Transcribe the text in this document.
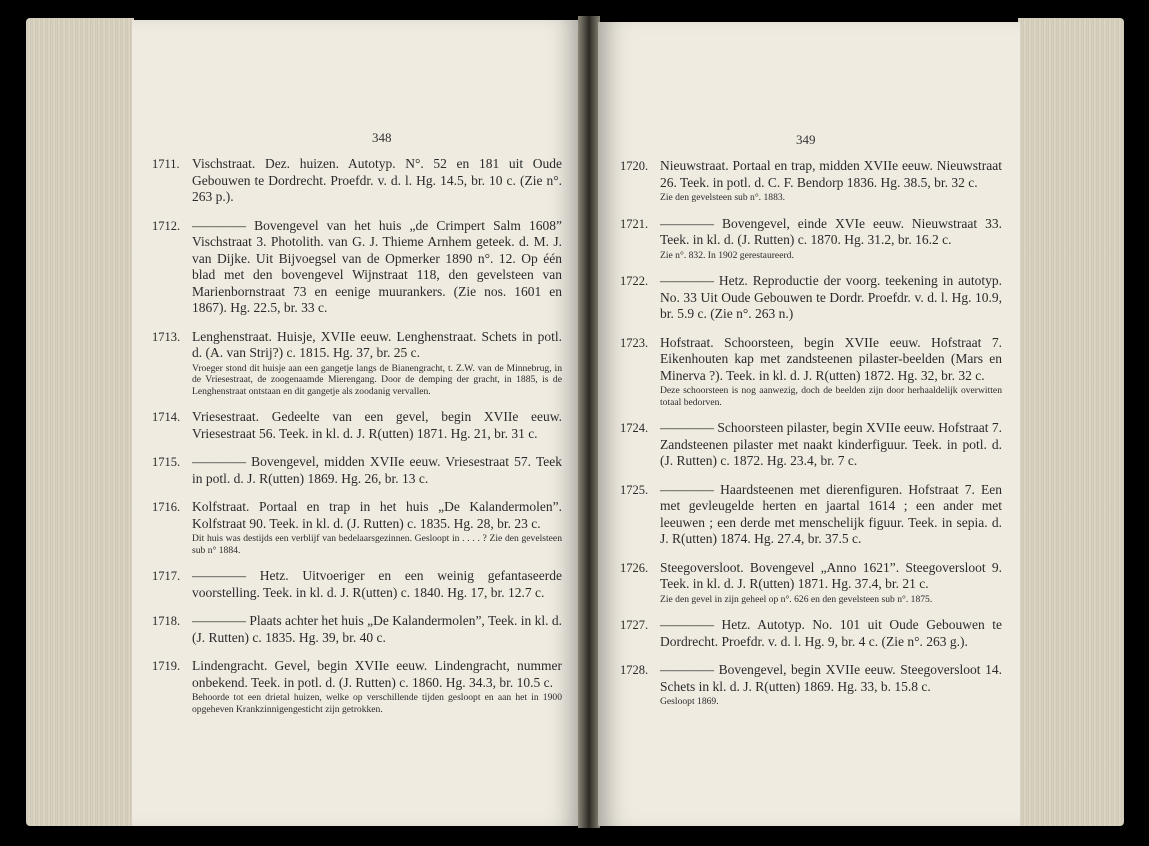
348
1711. Vischstraat. Dez. huizen. Autotyp. N°. 52 en 181 uit Oude Gebouwen te Dordrecht. Proefdr. v. d. l. Hg. 14.5, br. 10 c. (Zie n°. 263 p.).
1712. ———— Bovengevel van het huis „de Crimpert Salm 1608” Vischstraat 3. Photolith. van G. J. Thieme Arnhem geteek. d. M. J. van Dijke. Uit Bijvoegsel van de Opmerker 1890 n°. 12. Op één blad met den bovengevel Wijnstraat 118, den gevelsteen van Marienbornstraat 73 en eenige muurankers. (Zie nos. 1601 en 1867). Hg. 22.5, br. 33 c.
1713. Lenghenstraat. Huisje, XVIIe eeuw. Lenghenstraat. Schets in potl. d. (A. van Strij?) c. 1815. Hg. 37, br. 25 c.
Vroeger stond dit huisje aan een gangetje langs de Bianengracht, t. Z.W. van de Minnebrug, in de Vriesestraat, de zoogenaamde Mierengang. Door de demping der gracht, in 1885, is de Lenghenstraat ontstaan en dit gangetje als zoodanig vervallen.
1714. Vriesestraat. Gedeelte van een gevel, begin XVIIe eeuw. Vriesestraat 56. Teek. in kl. d. J. R(utten) 1871. Hg. 21, br. 31 c.
1715. ———— Bovengevel, midden XVIIe eeuw. Vriesestraat 57. Teek in potl. d. J. R(utten) 1869. Hg. 26, br. 13 c.
1716. Kolfstraat. Portaal en trap in het huis „De Kalandermolen”. Kolfstraat 90. Teek. in kl. d. (J. Rutten) c. 1835. Hg. 28, br. 23 c.
Dit huis was destijds een verblijf van bedelaarsgezinnen. Gesloopt in . . . . ? Zie den gevelsteen sub n° 1884.
1717. ———— Hetz. Uitvoeriger en een weinig gefantaseerde voorstelling. Teek. in kl. d. J. R(utten) c. 1840. Hg. 17, br. 12.7 c.
1718. ———— Plaats achter het huis „De Kalandermolen”, Teek. in kl. d. (J. Rutten) c. 1835. Hg. 39, br. 40 c.
1719. Lindengracht. Gevel, begin XVIIe eeuw. Lindengracht, nummer onbekend. Teek. in potl. d. (J. Rutten) c. 1860. Hg. 34.3, br. 10.5 c.
Behoorde tot een drietal huizen, welke op verschillende tijden gesloopt en aan het in 1900 opgeheven Krankzinnigengesticht zijn getrokken.
349
1720. Nieuwstraat. Portaal en trap, midden XVIIe eeuw. Nieuwstraat 26. Teek. in potl. d. C. F. Bendorp 1836. Hg. 38.5, br. 32 c.
Zie den gevelsteen sub n°. 1883.
1721. ———— Bovengevel, einde XVIe eeuw. Nieuwstraat 33. Teek. in kl. d. (J. Rutten) c. 1870. Hg. 31.2, br. 16.2 c.
Zie n°. 832. In 1902 gerestaureerd.
1722. ———— Hetz. Reproductie der voorg. teekening in autotyp. No. 33 Uit Oude Gebouwen te Dordr. Proefdr. v. d. l. Hg. 10.9, br. 5.9 c. (Zie n°. 263 n.)
1723. Hofstraat. Schoorsteen, begin XVIIe eeuw. Hofstraat 7. Eikenhouten kap met zandsteenen pilaster-beelden (Mars en Minerva ?). Teek. in kl. d. J. R(utten) 1872. Hg. 32, br. 32 c.
Deze schoorsteen is nog aanwezig, doch de beelden zijn door herhaaldelijk overwitten totaal bedorven.
1724. ———— Schoorsteen pilaster, begin XVIIe eeuw. Hofstraat 7. Zandsteenen pilaster met naakt kinderfiguur. Teek. in potl. d. (J. Rutten) c. 1872. Hg. 23.4, br. 7 c.
1725. ———— Haardsteenen met dierenfiguren. Hofstraat 7. Een met gevleugelde herten en jaartal 1614 ; een ander met leeuwen ; een derde met menschelijk figuur. Teek. in sepia. d. J. R(utten) 1874. Hg. 27.4, br. 37.5 c.
1726. Steegoversloot. Bovengevel „Anno 1621”. Steegoversloot 9. Teek. in kl. d. J. R(utten) 1871. Hg. 37.4, br. 21 c.
Zie den gevel in zijn geheel op n°. 626 en den gevelsteen sub n°. 1875.
1727. ———— Hetz. Autotyp. No. 101 uit Oude Gebouwen te Dordrecht. Proefdr. v. d. l. Hg. 9, br. 4 c. (Zie n°. 263 g.).
1728. ———— Bovengevel, begin XVIIe eeuw. Steegoversloot 14. Schets in kl. d. J. R(utten) 1869. Hg. 33, b. 15.8 c.
Gesloopt 1869.
